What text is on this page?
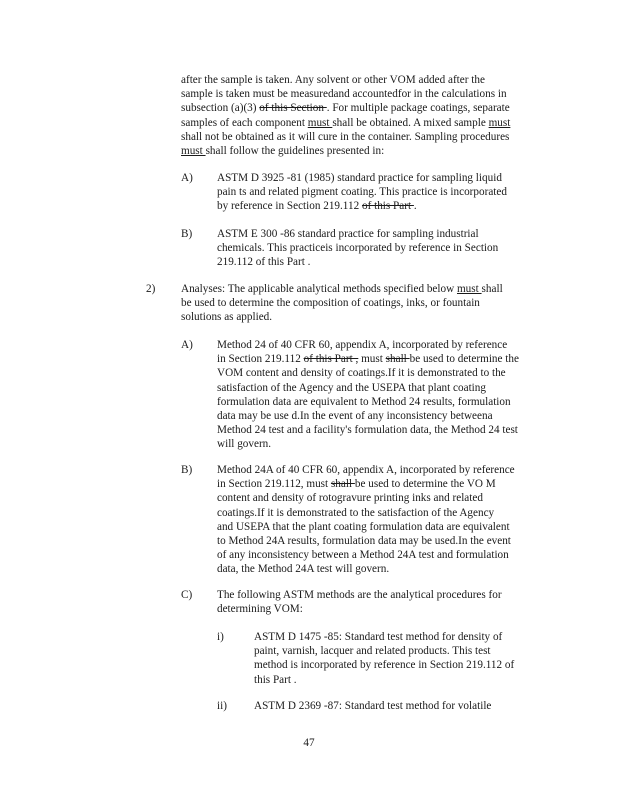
after the sample is taken. Any solvent or other VOM added after the
sample is taken must be measuredand accountedfor in the calculations in
subsection (a)(3) of this Section . For multiple package coatings, separate
samples of each component must shall be obtained. A mixed sample must
shall not be obtained as it will cure in the container. Sampling procedures
must shall follow the guidelines presented in:
A) ASTM D 3925 -81 (1985) standard practice for sampling liquid
pain ts and related pigment coating. This practice is incorporated
by reference in Section 219.112 of this Part .
B) ASTM E 300 -86 standard practice for sampling industrial
chemicals. This practiceis incorporated by reference in Section
219.112 of this Part .
2) Analyses: The applicable analytical methods specified below must shall
be used to determine the composition of coatings, inks, or fountain
solutions as applied.
A) Method 24 of 40 CFR 60, appendix A, incorporated by reference
in Section 219.112 of this Part , must shall be used to determine the
VOM content and density of coatings.If it is demonstrated to the
satisfaction of the Agency and the USEPA that plant coating
formulation data are equivalent to Method 24 results, formulation
data may be use d.In the event of any inconsistency betweena
Method 24 test and a facility's formulation data, the Method 24 test
will govern.
B) Method 24A of 40 CFR 60, appendix A, incorporated by reference
in Section 219.112, must shall be used to determine the VO M
content and density of rotogravure printing inks and related
coatings.If it is demonstrated to the satisfaction of the Agency
and USEPA that the plant coating formulation data are equivalent
to Method 24A results, formulation data may be used.In the event
of any inconsistency between a Method 24A test and formulation
data, the Method 24A test will govern.
C) The following ASTM methods are the analytical procedures for
determining VOM:
i)	ASTM D 1475 -85: Standard test method for density of
paint, varnish, lacquer and related products. This test
method is incorporated by reference in Section 219.112 of
this Part .
ii) ASTM D 2369 -87: Standard test method for volatile
47
